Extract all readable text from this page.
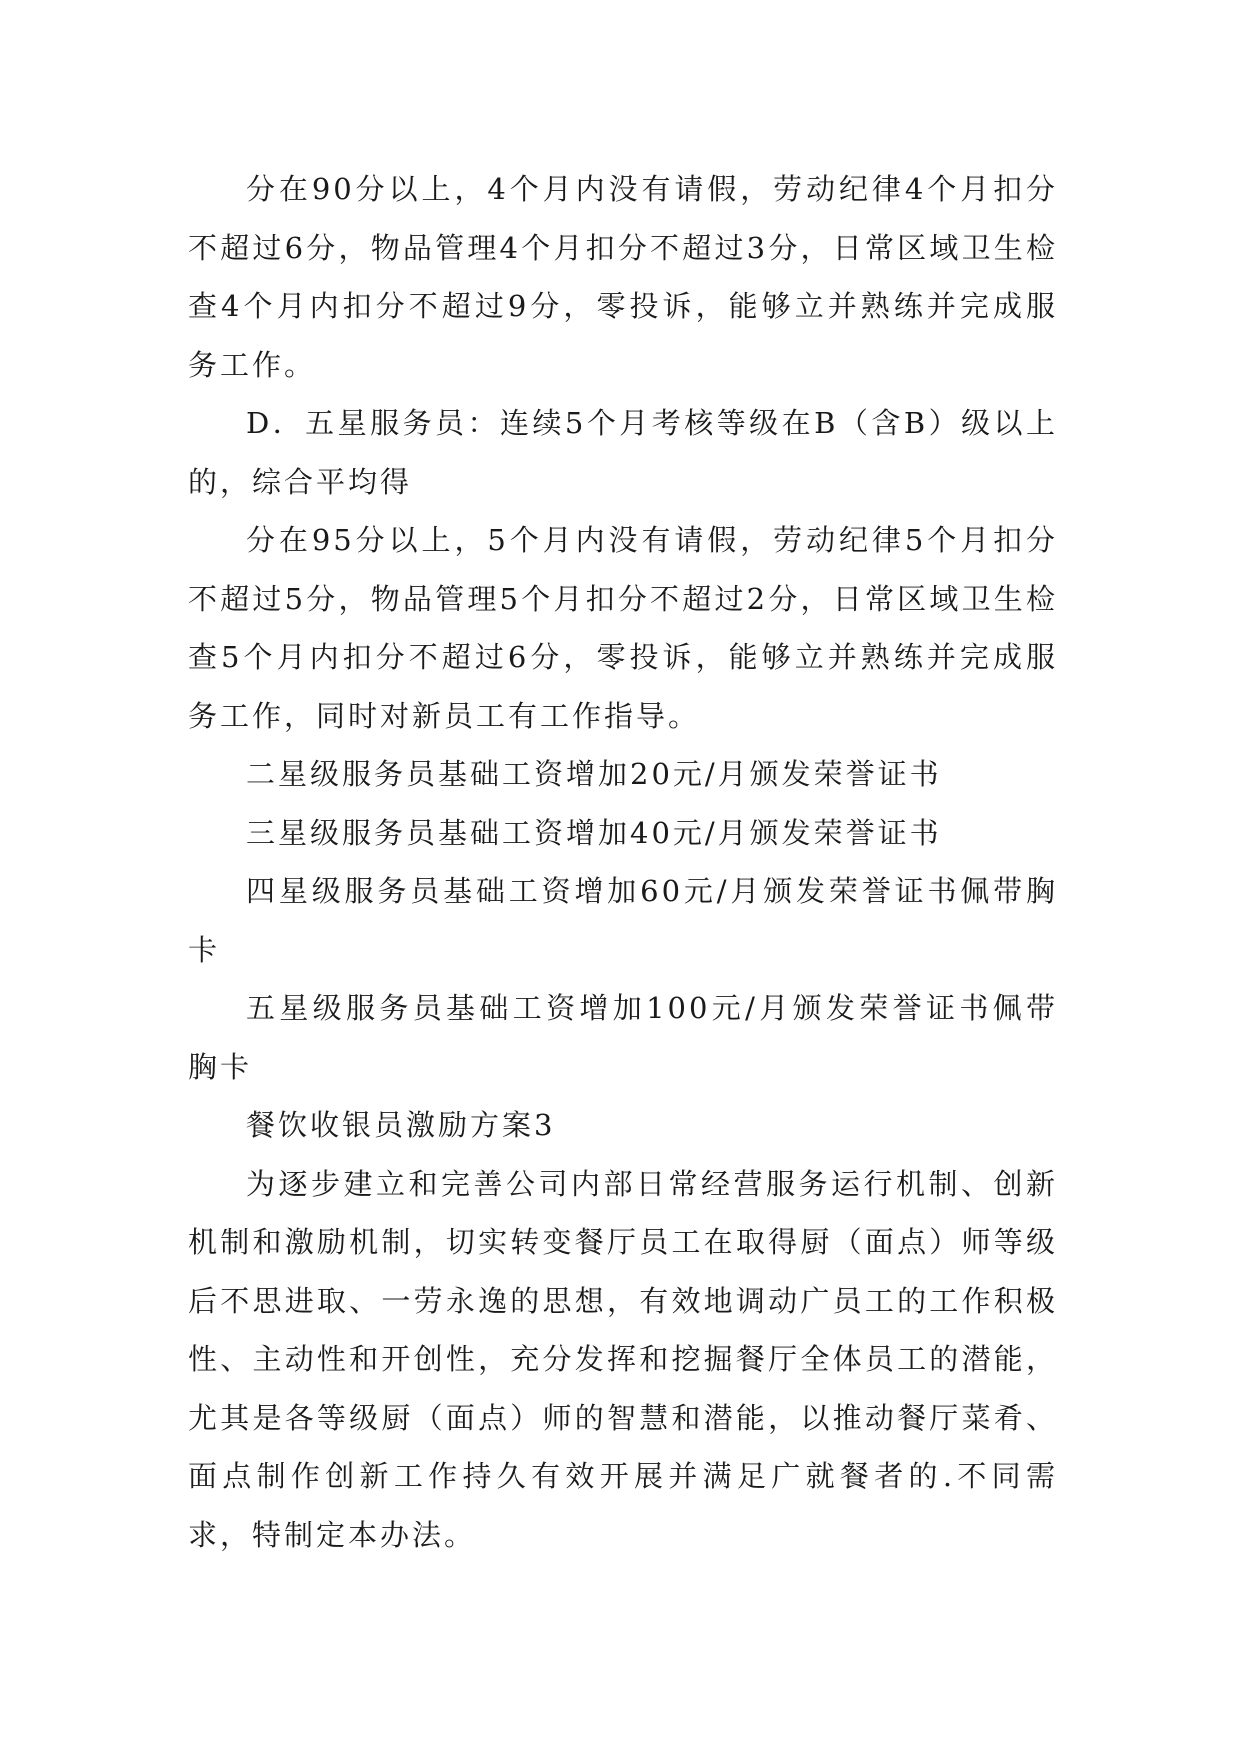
分在90分以上，4个月内没有请假，劳动纪律4个月扣分不超过6分，物品管理4个月扣分不超过3分，日常区域卫生检查4个月内扣分不超过9分，零投诉，能够立并熟练并完成服务工作。

D．五星服务员：连续5个月考核等级在B（含B）级以上的，综合平均得

分在95分以上，5个月内没有请假，劳动纪律5个月扣分不超过5分，物品管理5个月扣分不超过2分，日常区域卫生检查5个月内扣分不超过6分，零投诉，能够立并熟练并完成服务工作，同时对新员工有工作指导。

二星级服务员基础工资增加20元/月颁发荣誉证书

三星级服务员基础工资增加40元/月颁发荣誉证书

四星级服务员基础工资增加60元/月颁发荣誉证书佩带胸卡

五星级服务员基础工资增加100元/月颁发荣誉证书佩带胸卡

餐饮收银员激励方案3

为逐步建立和完善公司内部日常经营服务运行机制、创新机制和激励机制，切实转变餐厅员工在取得厨（面点）师等级后不思进取、一劳永逸的思想，有效地调动广员工的工作积极性、主动性和开创性，充分发挥和挖掘餐厅全体员工的潜能，尤其是各等级厨（面点）师的智慧和潜能，以推动餐厅菜肴、面点制作创新工作持久有效开展并满足广就餐者的.不同需求，特制定本办法。
